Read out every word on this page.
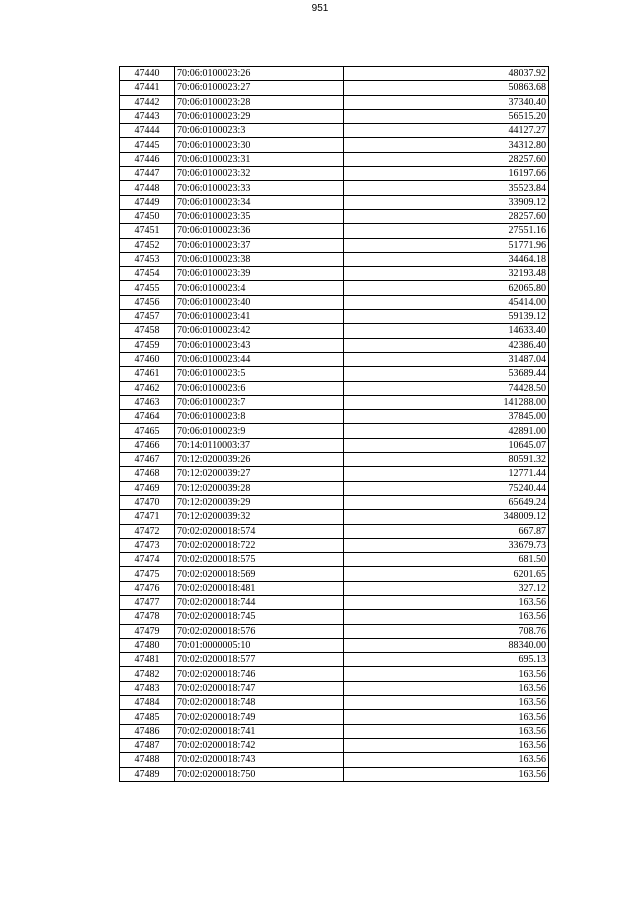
951
47440	70:06:0100023:26	48037.92
47441	70:06:0100023:27	50863.68
47442	70:06:0100023:28	37340.40
47443	70:06:0100023:29	56515.20
47444	70:06:0100023:3	44127.27
47445	70:06:0100023:30	34312.80
47446	70:06:0100023:31	28257.60
47447	70:06:0100023:32	16197.66
47448	70:06:0100023:33	35523.84
47449	70:06:0100023:34	33909.12
47450	70:06:0100023:35	28257.60
47451	70:06:0100023:36	27551.16
47452	70:06:0100023:37	51771.96
47453	70:06:0100023:38	34464.18
47454	70:06:0100023:39	32193.48
47455	70:06:0100023:4	62065.80
47456	70:06:0100023:40	45414.00
47457	70:06:0100023:41	59139.12
47458	70:06:0100023:42	14633.40
47459	70:06:0100023:43	42386.40
47460	70:06:0100023:44	31487.04
47461	70:06:0100023:5	53689.44
47462	70:06:0100023:6	74428.50
47463	70:06:0100023:7	141288.00
47464	70:06:0100023:8	37845.00
47465	70:06:0100023:9	42891.00
47466	70:14:0110003:37	10645.07
47467	70:12:0200039:26	80591.32
47468	70:12:0200039:27	12771.44
47469	70:12:0200039:28	75240.44
47470	70:12:0200039:29	65649.24
47471	70:12:0200039:32	348009.12
47472	70:02:0200018:574	667.87
47473	70:02:0200018:722	33679.73
47474	70:02:0200018:575	681.50
47475	70:02:0200018:569	6201.65
47476	70:02:0200018:481	327.12
47477	70:02:0200018:744	163.56
47478	70:02:0200018:745	163.56
47479	70:02:0200018:576	708.76
47480	70:01:0000005:10	88340.00
47481	70:02:0200018:577	695.13
47482	70:02:0200018:746	163.56
47483	70:02:0200018:747	163.56
47484	70:02:0200018:748	163.56
47485	70:02:0200018:749	163.56
47486	70:02:0200018:741	163.56
47487	70:02:0200018:742	163.56
47488	70:02:0200018:743	163.56
47489	70:02:0200018:750	163.56
